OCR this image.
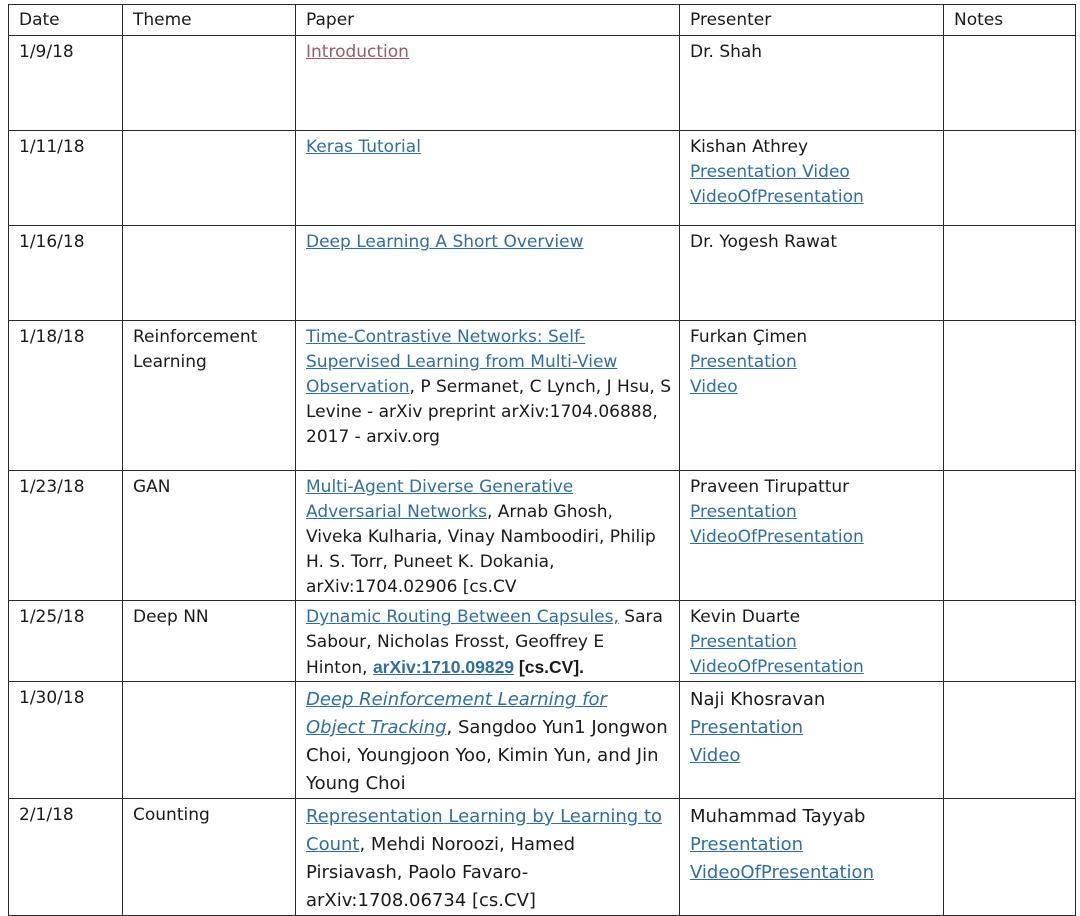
Date	Theme	Paper	Presenter	Notes
1/9/18		Introduction	Dr. Shah	
1/11/18		Keras Tutorial	Kishan Athrey
Presentation Video
VideoOfPresentation	

1/16/18		Deep Learning A Short Overview	Dr. Yogesh Rawat	
1/18/18	Reinforcement Learning	Time-Contrastive Networks: Self-Supervised Learning from Multi-View Observation, P Sermanet, C Lynch, J Hsu, S Levine - arXiv preprint arXiv:1704.06888, 2017 - arxiv.org	Furkan Çimen
Presentation
Video	

1/23/18	GAN	Multi-Agent Diverse Generative Adversarial Networks, Arnab Ghosh, Viveka Kulharia, Vinay Namboodiri, Philip H. S. Torr, Puneet K. Dokania, arXiv:1704.02906 [cs.CV	Praveen Tirupattur
Presentation
VideoOfPresentation	

1/25/18	Deep NN	Dynamic Routing Between Capsules, Sara Sabour, Nicholas Frosst, Geoffrey E Hinton, arXiv:1710.09829 [cs.CV].	Kevin Duarte
Presentation
VideoOfPresentation	

1/30/18		Deep Reinforcement Learning for Object Tracking, Sangdoo Yun1 Jongwon Choi, Youngjoon Yoo, Kimin Yun, and Jin Young Choi	Naji Khosravan
Presentation
Video	

2/1/18	Counting	Representation Learning by Learning to Count, Mehdi Noroozi, Hamed Pirsiavash, Paolo Favaro- arXiv:1708.06734 [cs.CV]	Muhammad Tayyab
Presentation
VideoOfPresentation	
